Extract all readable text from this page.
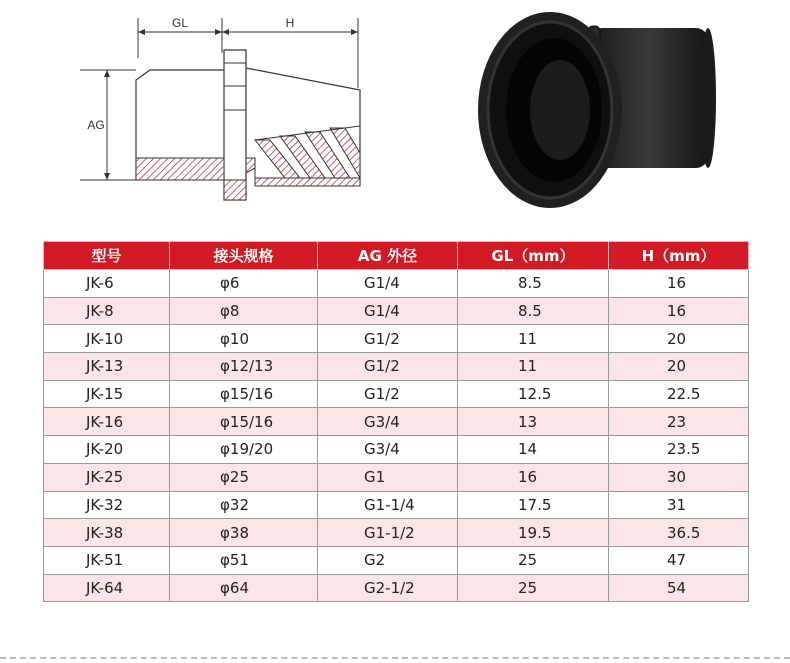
GL	H
AG
型号	接头规格	AG 外径	GL（mm）	H（mm）
JK-6	φ6	G1/4	8.5	16
JK-8	φ8	G1/4	8.5	16
JK-10	φ10	G1/2	11	20
JK-13	φ12/13	G1/2	11	20
JK-15	φ15/16	G1/2	12.5	22.5
JK-16	φ15/16	G3/4	13	23
JK-20	φ19/20	G3/4	14	23.5
JK-25	φ25	G1	16	30
JK-32	φ32	G1-1/4	17.5	31
JK-38	φ38	G1-1/2	19.5	36.5
JK-51	φ51	G2	25	47
JK-64	φ64	G2-1/2	25	54
